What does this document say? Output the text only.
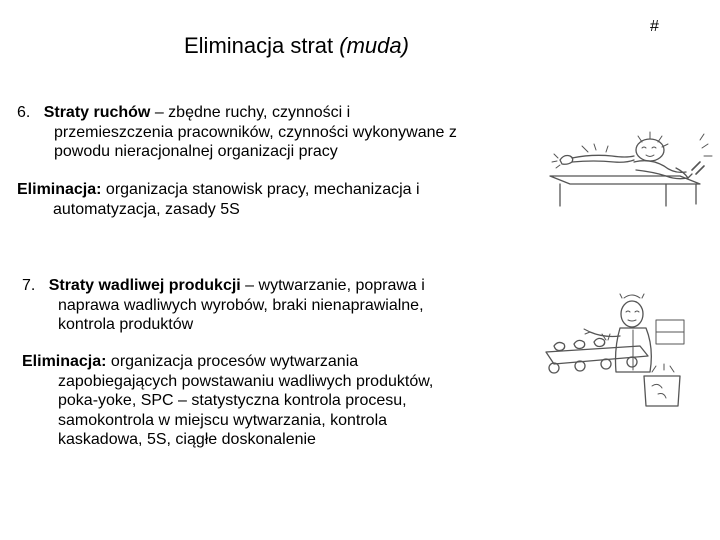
Eliminacja strat (muda)
#
6. Straty ruchów – zbędne ruchy, czynności i
przemieszczenia pracowników, czynności wykonywane z
powodu nieracjonalnej organizacji pracy
Eliminacja: organizacja stanowisk pracy, mechanizacja i
automatyzacja, zasady 5S
7. Straty wadliwej produkcji – wytwarzanie, poprawa i
naprawa wadliwych wyrobów, braki nienaprawialne,
kontrola produktów
Eliminacja: organizacja procesów wytwarzania
zapobiegających powstawaniu wadliwych produktów,
poka-yoke, SPC – statystyczna kontrola procesu,
samokontrola w miejscu wytwarzania, kontrola
kaskadowa, 5S, ciągłe doskonalenie
